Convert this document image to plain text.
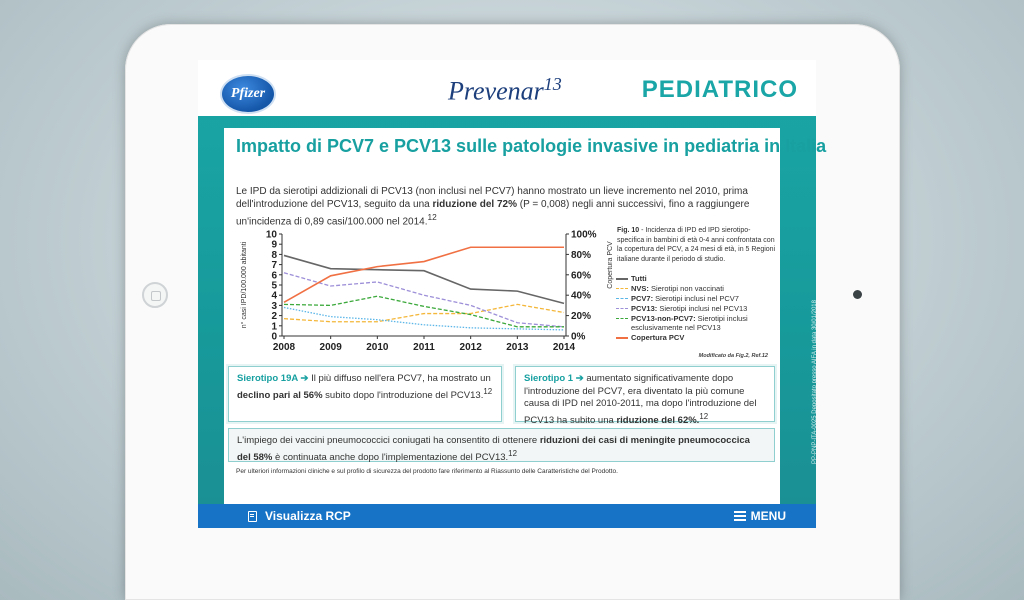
Pfizer	Prevenar$^{13}$	PEDIATRICO
PP-PNP-ITA-0025 Depositato presso AIFA in data 30/01/2018
Impatto di PCV7 e PCV13 sulle patologie invasive in pediatria in Italia
Le IPD da sierotipi addizionali di PCV13 (non inclusi nel PCV7) hanno mostrato un lieve incremento nel 2010, prima dell'introduzione del PCV13, seguito da una riduzione del 72% (P = 0,008) negli anni successivi, fino a raggiungere un'incidenza di 0,89 casi/100.000 nel 2014.12
0
1
2
3
4
5
6
7
8
9
10
0%
20%
40%
60%
80%
100%
2008 2009 2010 2011 2012 2013 2014
n° casi IPD/100.000 abitanti	Copertura PCV
Fig. 10 - Incidenza di IPD ed IPD sierotipo-specifica in bambini di età 0-4 anni confrontata con la copertura del PCV, a 24 mesi di età, in 5 Regioni italiane durante il periodo di studio.
Tutti
NVS: Sierotipi non vaccinati
PCV7: Sierotipi inclusi nel PCV7
PCV13: Sierotipi inclusi nel PCV13
PCV13-non-PCV7: Sierotipi inclusi esclusivamente nel PCV13
Copertura PCV
Modificato da Fig.2, Ref.12
Sierotipo 19A ➔ Il più diffuso nell'era PCV7, ha mostrato un declino pari al 56% subito dopo l'introduzione del PCV13.12
Sierotipo 1 ➔ aumentato significativamente dopo l'introduzione del PCV7, era diventato la più comune causa di IPD nel 2010-2011, ma dopo l'introduzione del PCV13 ha subito una riduzione del 62%.$^{12}$
L'impiego dei vaccini pneumococcici coniugati ha consentito di ottenere riduzioni dei casi di meningite pneumococcica del 58% è continuata anche dopo l'implementazione del PCV13.12
Per ulteriori informazioni cliniche e sul profilo di sicurezza del prodotto fare riferimento al Riassunto delle Caratteristiche del Prodotto.
Visualizza RCP	MENU
